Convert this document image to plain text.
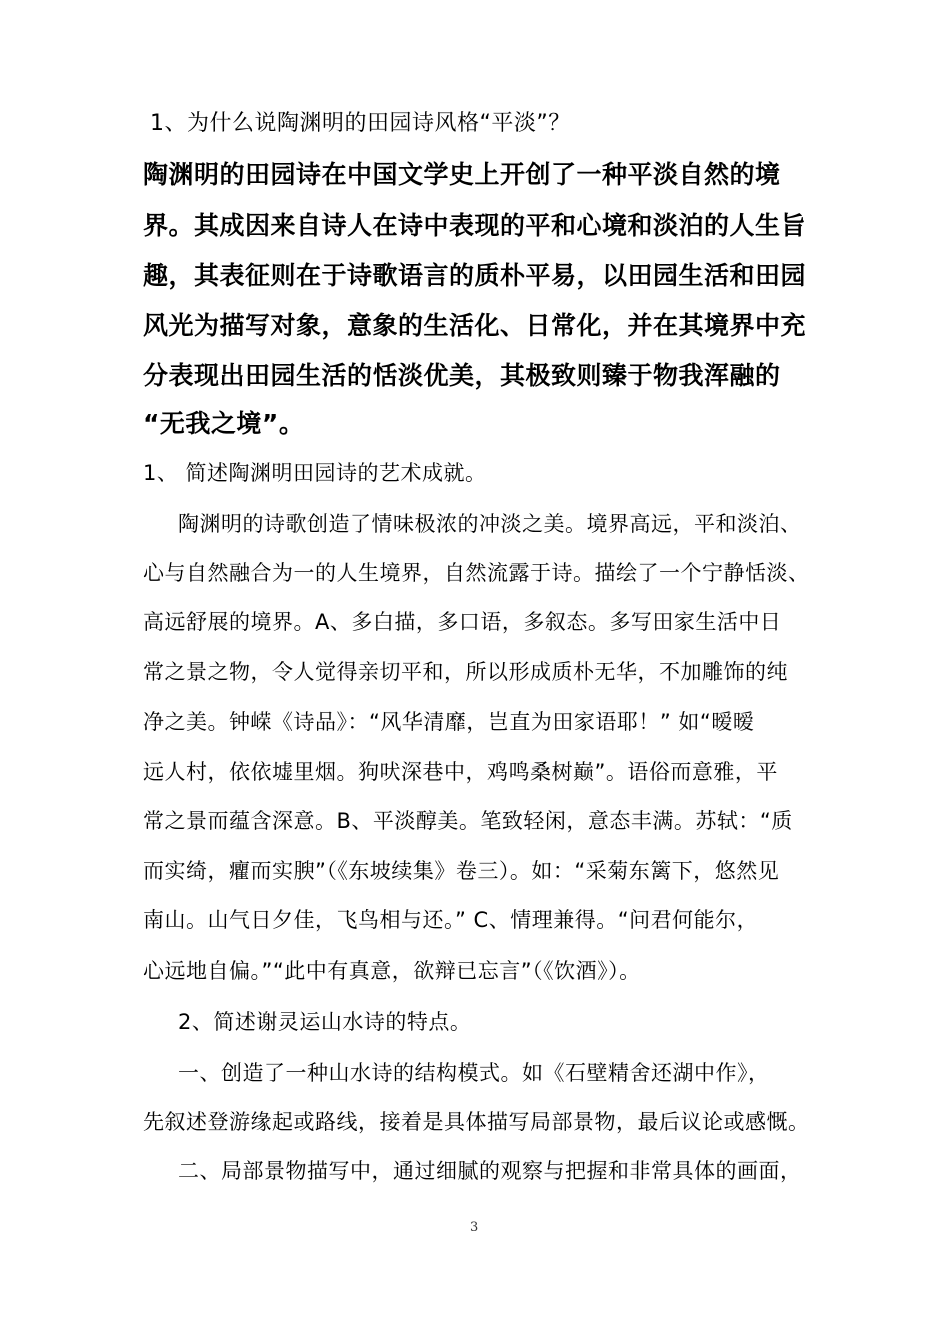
1、为什么说陶渊明的田园诗风格“平淡”？
陶渊明的田园诗在中国文学史上开创了一种平淡自然的境
界。其成因来自诗人在诗中表现的平和心境和淡泊的人生旨
趣，其表征则在于诗歌语言的质朴平易，以田园生活和田园
风光为描写对象，意象的生活化、日常化，并在其境界中充
分表现出田园生活的恬淡优美，其极致则臻于物我浑融的
“无我之境”。
1、 简述陶渊明田园诗的艺术成就。
陶渊明的诗歌创造了情味极浓的冲淡之美。境界高远，平和淡泊、
心与自然融合为一的人生境界，自然流露于诗。描绘了一个宁静恬淡、
高远舒展的境界。A、多白描，多口语，多叙态。多写田家生活中日
常之景之物，令人觉得亲切平和，所以形成质朴无华，不加雕饰的纯
净之美。钟嵘《诗品》：“风华清靡，岂直为田家语耶！” 如“暧暧
远人村，依依墟里烟。狗吠深巷中，鸡鸣桑树巅”。语俗而意雅，平
常之景而蕴含深意。B、平淡醇美。笔致轻闲，意态丰满。苏轼：“质
而实绮，癯而实腴”（《东坡续集》卷三）。如：“采菊东篱下，悠然见
南山。山气日夕佳，飞鸟相与还。” C、情理兼得。“问君何能尔，
心远地自偏。”“此中有真意，欲辩已忘言”（《饮酒》）。
2、简述谢灵运山水诗的特点。
一、创造了一种山水诗的结构模式。如《石壁精舍还湖中作》，
先叙述登游缘起或路线，接着是具体描写局部景物，最后议论或感慨。
二、局部景物描写中，通过细腻的观察与把握和非常具体的画面，
3
